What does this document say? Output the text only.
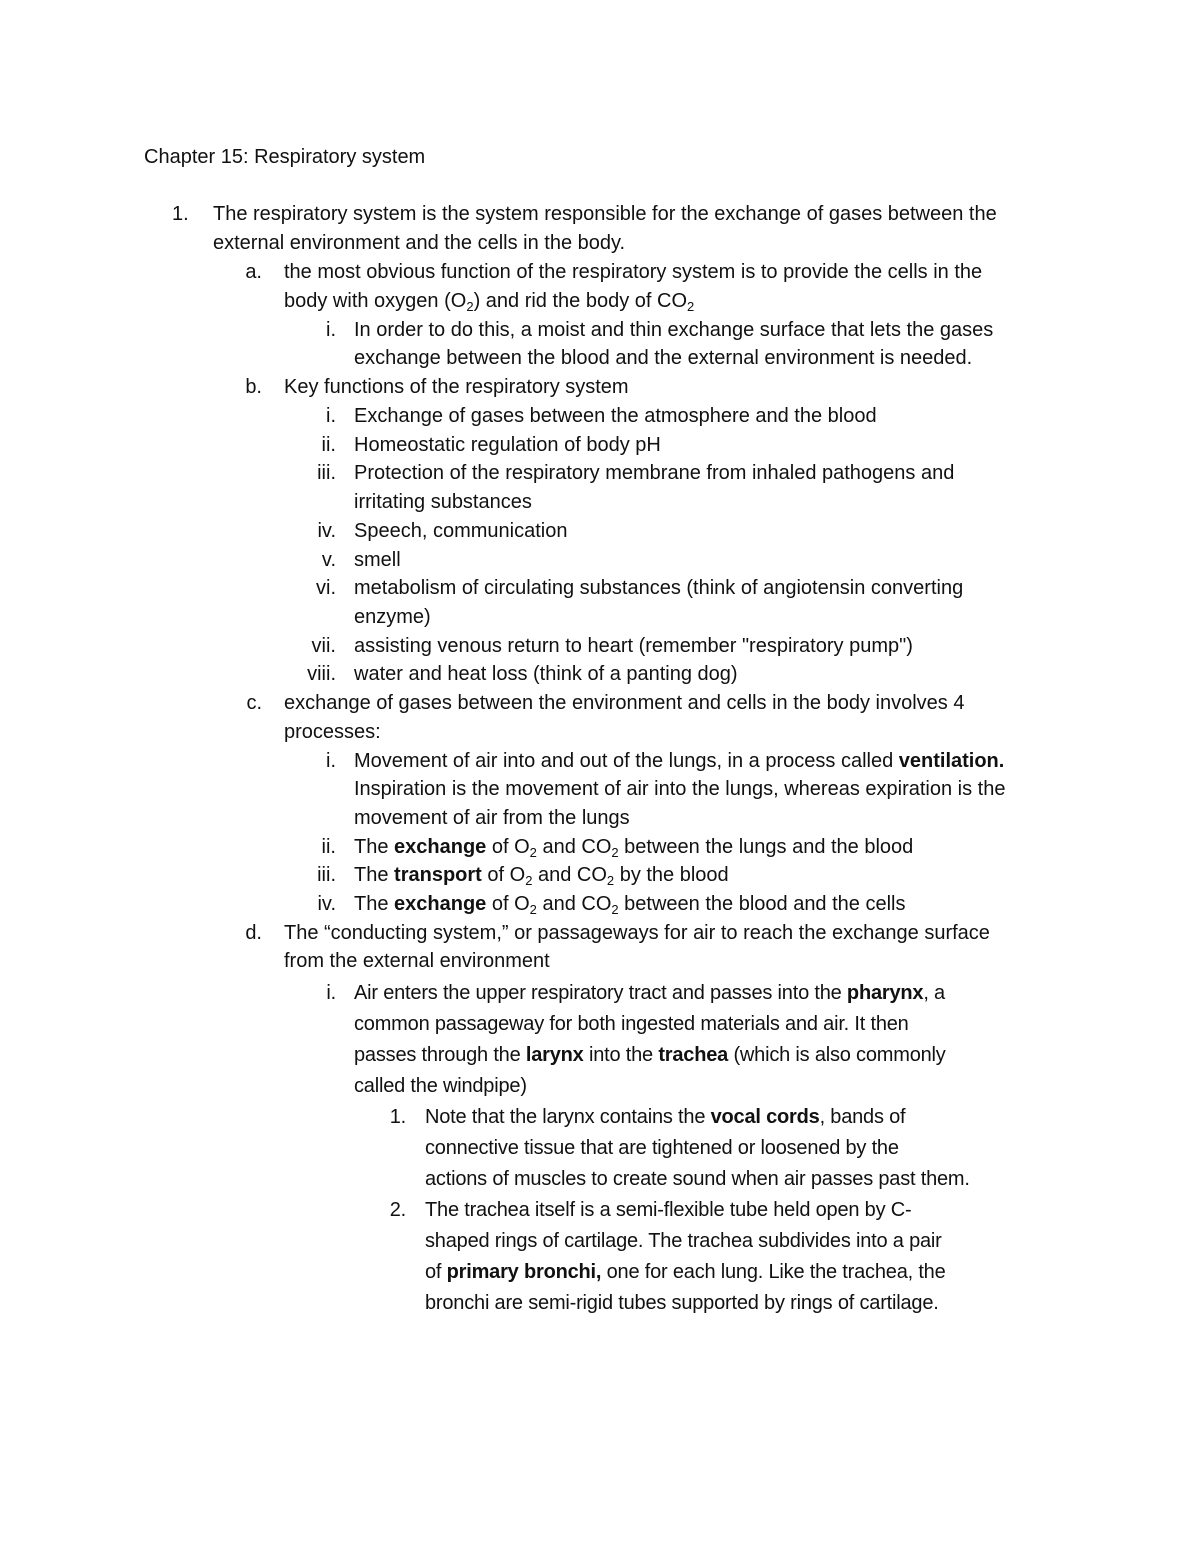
Chapter 15: Respiratory system
1. The respiratory system is the system responsible for the exchange of gases between the
external environment and the cells in the body.
a. the most obvious function of the respiratory system is to provide the cells in the
body with oxygen $(O_2)$ and rid the body of $CO_2$
i. In order to do this, a moist and thin exchange surface that lets the gases
exchange between the blood and the external environment is needed.
b. Key functions of the respiratory system
i. Exchange of gases between the atmosphere and the blood
ii. Homeostatic regulation of body pH
iii. Protection of the respiratory membrane from inhaled pathogens and
irritating substances
iv. Speech, communication
v. smell
vi. metabolism of circulating substances (think of angiotensin converting
enzyme)
vii. assisting venous return to heart (remember "respiratory pump")
viii. water and heat loss (think of a panting dog)
c. exchange of gases between the environment and cells in the body involves 4
processes:
i. Movement of air into and out of the lungs, in a process called ventilation.
Inspiration is the movement of air into the lungs, whereas expiration is the
movement of air from the lungs
ii. The exchange of $O_2$ and $CO_2$ between the lungs and the blood
iii. The transport of $O_2$ and $CO_2$ by the blood
iv. The exchange of $O_2$ and $CO_2$ between the blood and the cells
d. The “conducting system,” or passageways for air to reach the exchange surface
from the external environment
i. Air enters the upper respiratory tract and passes into the pharynx, a
common passageway for both ingested materials and air. It then
passes through the larynx into the trachea (which is also commonly
called the windpipe)
1. Note that the larynx contains the vocal cords, bands of
connective tissue that are tightened or loosened by the
actions of muscles to create sound when air passes past them.
2. The trachea itself is a semi-flexible tube held open by C-
shaped rings of cartilage. The trachea subdivides into a pair
of primary bronchi, one for each lung. Like the trachea, the
bronchi are semi-rigid tubes supported by rings of cartilage.
